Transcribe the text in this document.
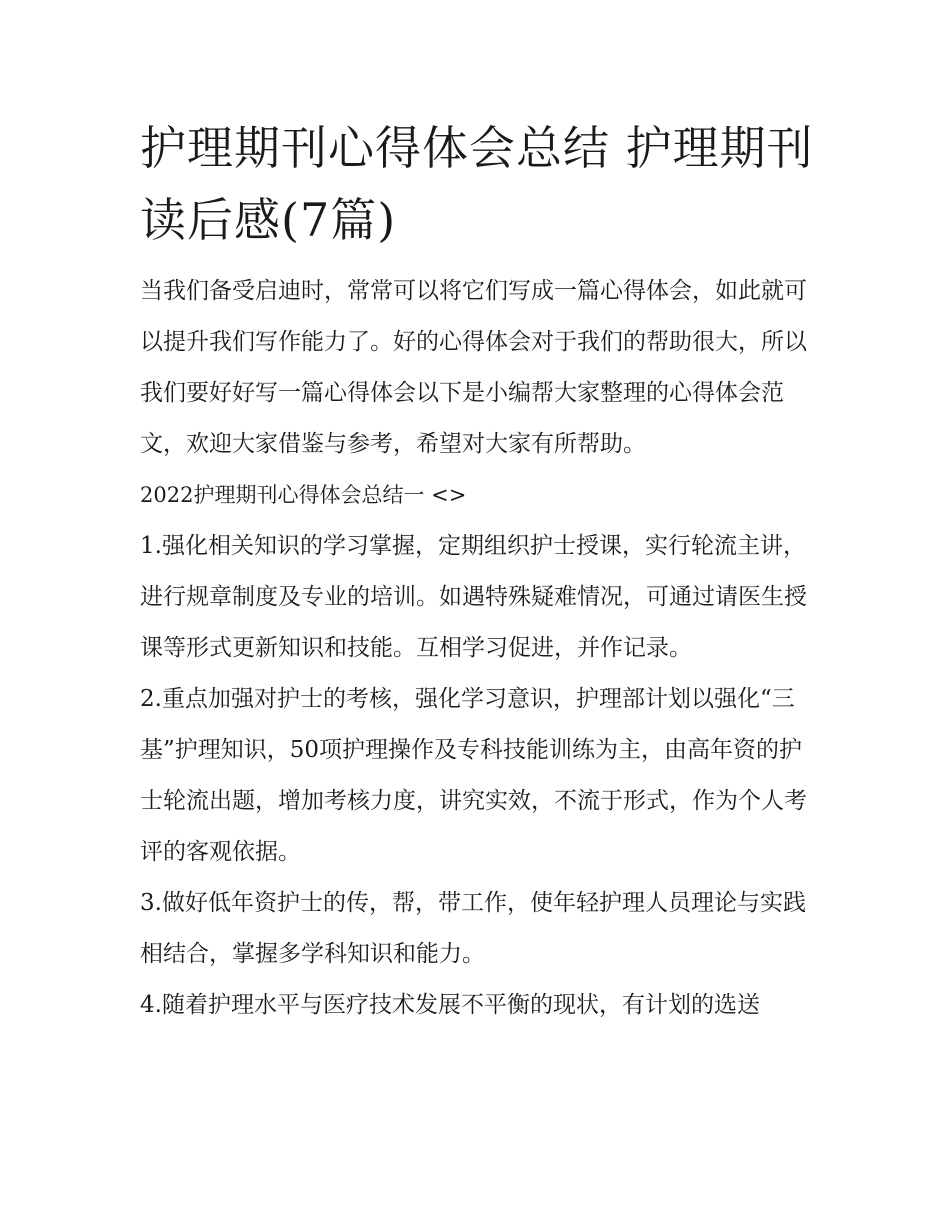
护理期刊心得体会总结 护理期刊读后感(7篇)

当我们备受启迪时，常常可以将它们写成一篇心得体会，如此就可以提升我们写作能力了。好的心得体会对于我们的帮助很大，所以我们要好好写一篇心得体会以下是小编帮大家整理的心得体会范文，欢迎大家借鉴与参考，希望对大家有所帮助。

2022护理期刊心得体会总结一 <>

1.强化相关知识的学习掌握，定期组织护士授课，实行轮流主讲，进行规章制度及专业的培训。如遇特殊疑难情况，可通过请医生授课等形式更新知识和技能。互相学习促进，并作记录。

2.重点加强对护士的考核，强化学习意识，护理部计划以强化“三基”护理知识，50项护理操作及专科技能训练为主，由高年资的护士轮流出题，增加考核力度，讲究实效，不流于形式，作为个人考评的客观依据。

3.做好低年资护士的传，帮，带工作，使年轻护理人员理论与实践相结合，掌握多学科知识和能力。

4.随着护理水平与医疗技术发展不平衡的现状，有计划的选送
